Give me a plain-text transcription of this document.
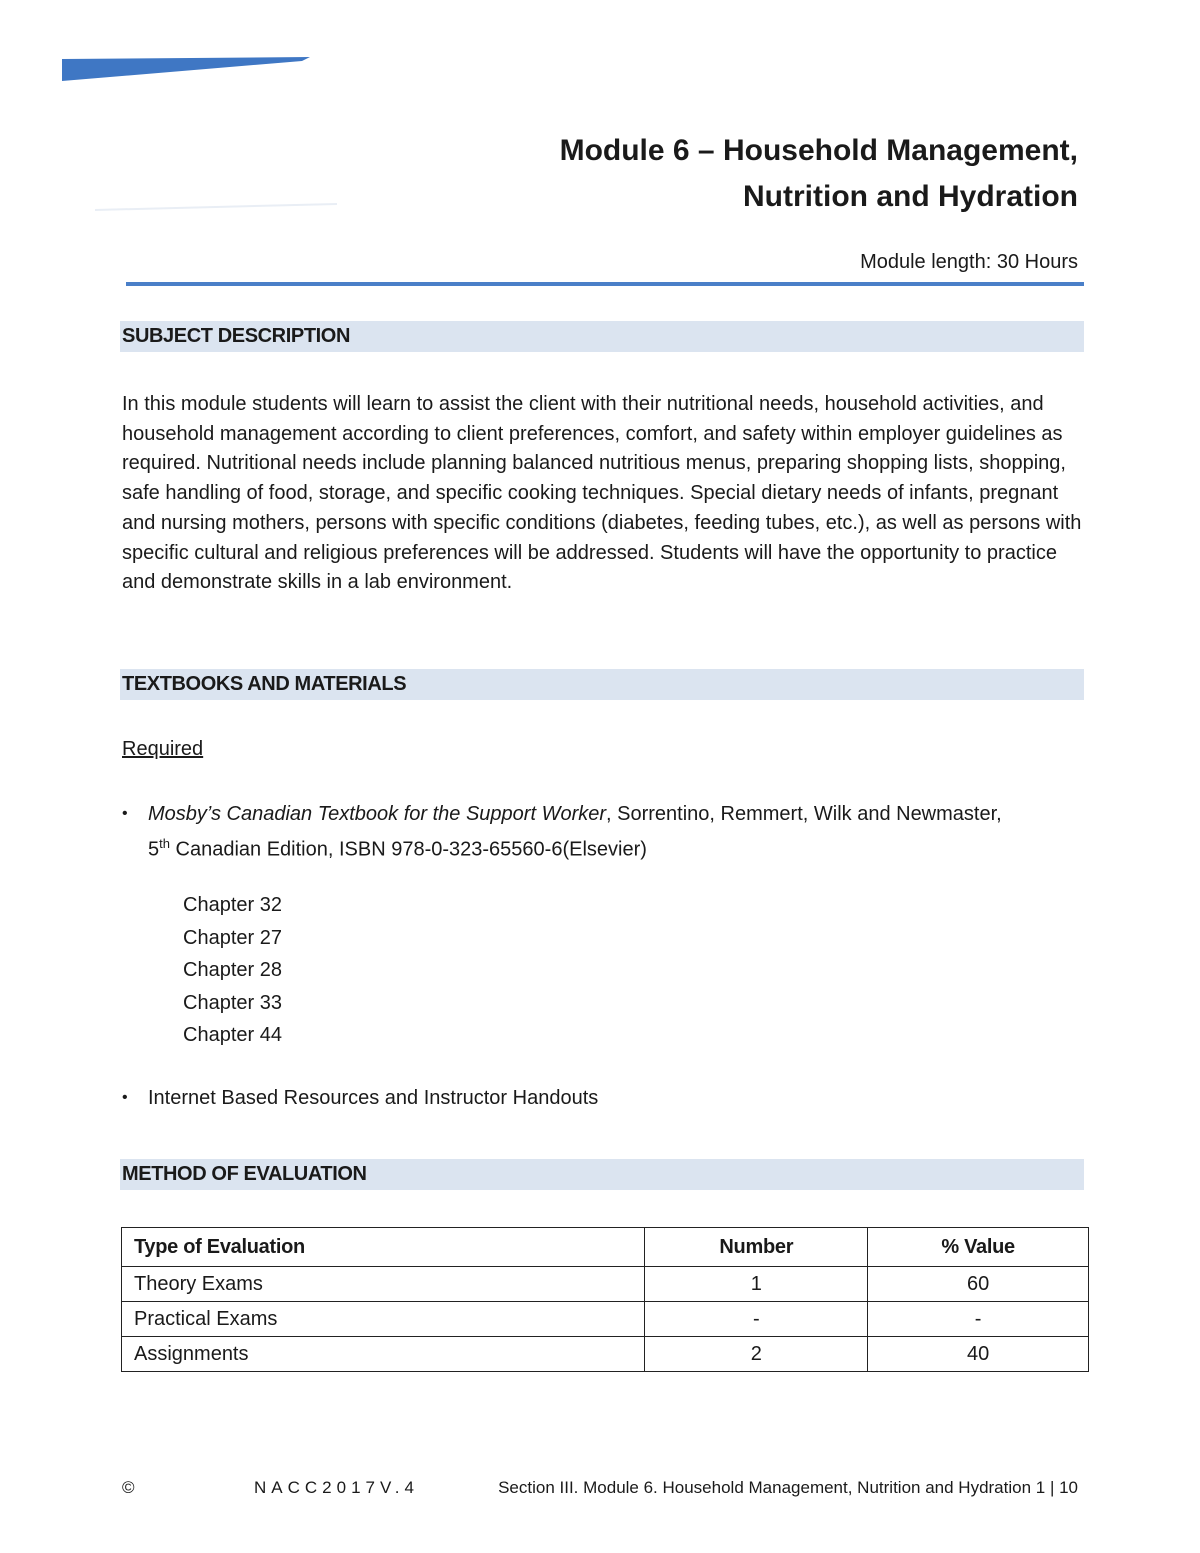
Module 6 – Household Management,
Nutrition and Hydration
Module length: 30 Hours
SUBJECT DESCRIPTION
In this module students will learn to assist the client with their nutritional needs, household activities, and household management according to client preferences, comfort, and safety within employer guidelines as required. Nutritional needs include planning balanced nutritious menus, preparing shopping lists, shopping, safe handling of food, storage, and specific cooking techniques. Special dietary needs of infants, pregnant and nursing mothers, persons with specific conditions (diabetes, feeding tubes, etc.), as well as persons with specific cultural and religious preferences will be addressed. Students will have the opportunity to practice and demonstrate skills in a lab environment.
TEXTBOOKS AND MATERIALS
Required
• Mosby’s Canadian Textbook for the Support Worker, Sorrentino, Remmert, Wilk and Newmaster,
5th Canadian Edition, ISBN 978-0-323-65560-6(Elsevier)
Chapter 32
Chapter 27
Chapter 28
Chapter 33
Chapter 44
• Internet Based Resources and Instructor Handouts
METHOD OF EVALUATION
Type of Evaluation	Number	% Value
Theory Exams	1	60
Practical Exams	-	-
Assignments	2	40
©	NACC2017V.4	Section III. Module 6. Household Management, Nutrition and Hydration 1 | 10
